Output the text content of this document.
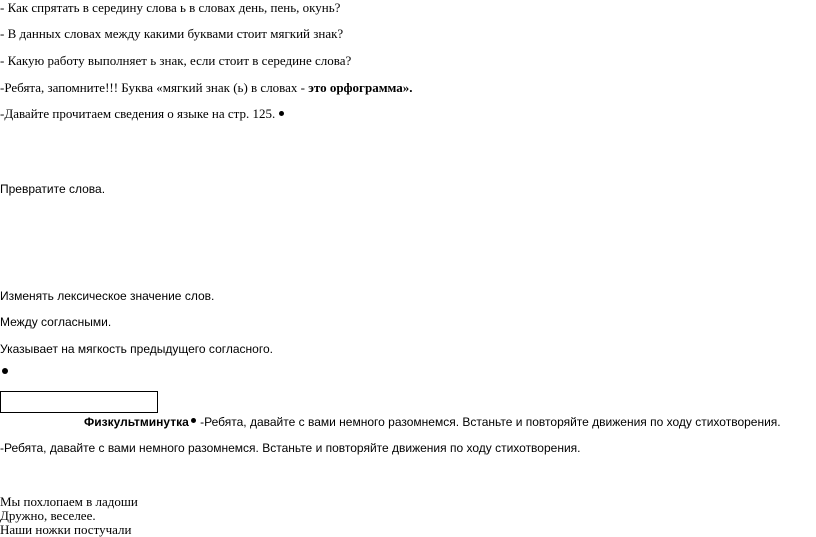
- Как спрятать в середину слова ь в словах день, пень, окунь?
- В данных словах между какими буквами стоит мягкий знак?
- Какую работу выполняет ь знак, если стоит в середине слова?
-Ребята, запомните!!! Буква «мягкий знак (ь) в словах - это орфограмма».
-Давайте прочитаем сведения о языке на стр. 125.
Превратите слова.
Изменять лексическое значение слов.
Между согласными.
Указывает на мягкость предыдущего согласного.
Физкультминутка -Ребята, давайте с вами немного разомнемся. Встаньте и повторяйте движения по ходу стихотворения.
-Ребята, давайте с вами немного разомнемся. Встаньте и повторяйте движения по ходу стихотворения.
Мы похлопаем в ладоши
Дружно, веселее.
Наши ножки постучали
